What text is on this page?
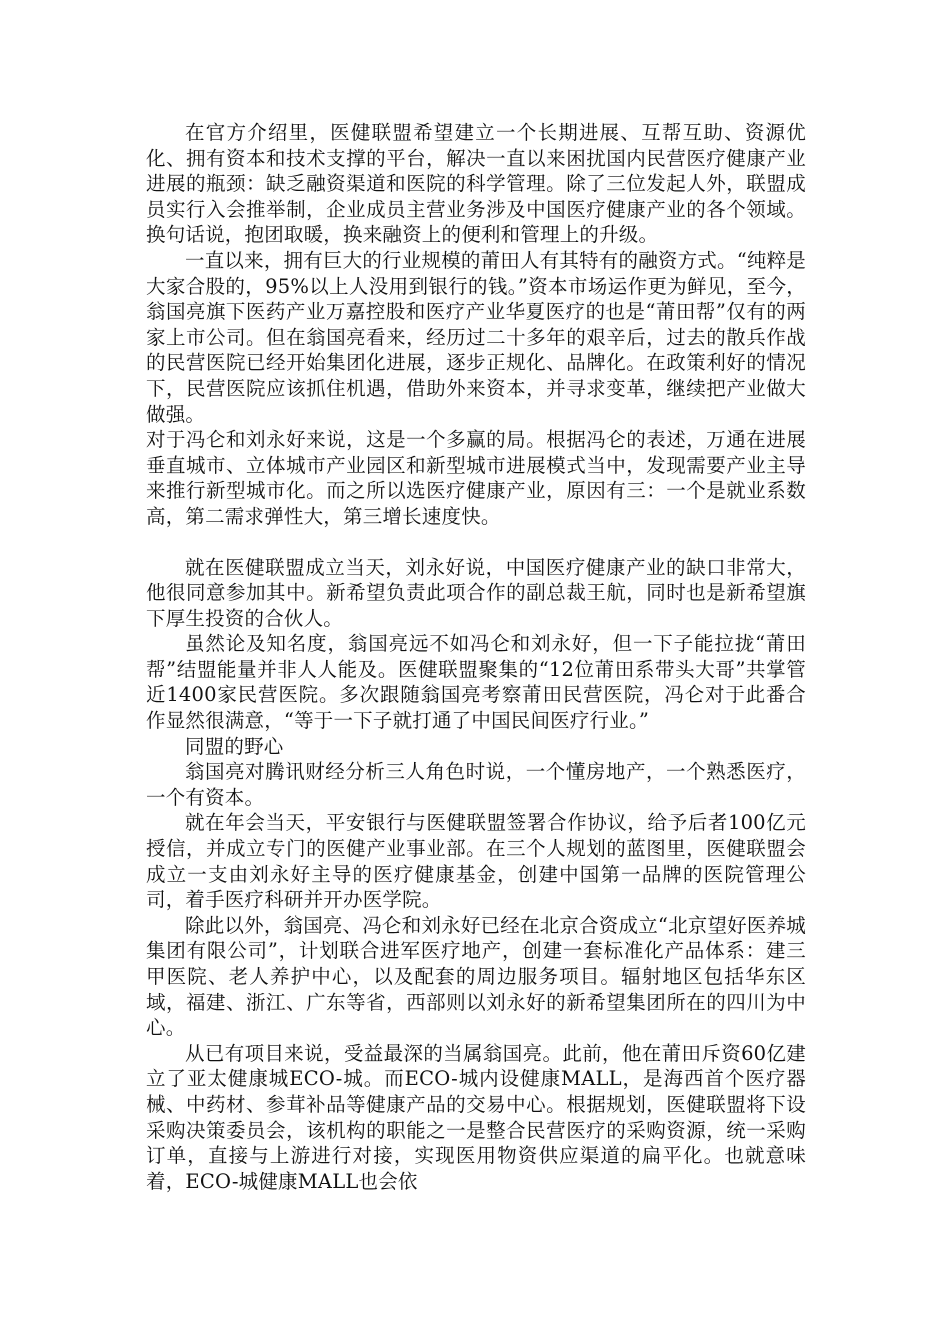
在官方介绍里，医健联盟希望建立一个长期进展、互帮互助、资源优化、拥有资本和技术支撑的平台，解决一直以来困扰国内民营医疗健康产业进展的瓶颈：缺乏融资渠道和医院的科学管理。除了三位发起人外，联盟成员实行入会推举制，企业成员主营业务涉及中国医疗健康产业的各个领域。换句话说，抱团取暖，换来融资上的便利和管理上的升级。

一直以来，拥有巨大的行业规模的莆田人有其特有的融资方式。“纯粹是大家合股的，95%以上人没用到银行的钱。”资本市场运作更为鲜见，至今，翁国亮旗下医药产业万嘉控股和医疗产业华夏医疗的也是“莆田帮”仅有的两家上市公司。但在翁国亮看来，经历过二十多年的艰辛后，过去的散兵作战的民营医院已经开始集团化进展，逐步正规化、品牌化。在政策利好的情况下，民营医院应该抓住机遇，借助外来资本，并寻求变革，继续把产业做大做强。

对于冯仑和刘永好来说，这是一个多赢的局。根据冯仑的表述，万通在进展垂直城市、立体城市产业园区和新型城市进展模式当中，发现需要产业主导来推行新型城市化。而之所以选医疗健康产业，原因有三：一个是就业系数高，第二需求弹性大，第三增长速度快。

就在医健联盟成立当天，刘永好说，中国医疗健康产业的缺口非常大，他很同意参加其中。新希望负责此项合作的副总裁王航，同时也是新希望旗下厚生投资的合伙人。

虽然论及知名度，翁国亮远不如冯仑和刘永好，但一下子能拉拢“莆田帮”结盟能量并非人人能及。医健联盟聚集的“12位莆田系带头大哥”共掌管近1400家民营医院。多次跟随翁国亮考察莆田民营医院，冯仑对于此番合作显然很满意，“等于一下子就打通了中国民间医疗行业。”

同盟的野心

翁国亮对腾讯财经分析三人角色时说，一个懂房地产，一个熟悉医疗，一个有资本。

就在年会当天，平安银行与医健联盟签署合作协议，给予后者100亿元授信，并成立专门的医健产业事业部。在三个人规划的蓝图里，医健联盟会成立一支由刘永好主导的医疗健康基金，创建中国第一品牌的医院管理公司，着手医疗科研并开办医学院。

除此以外，翁国亮、冯仑和刘永好已经在北京合资成立“北京望好医养城集团有限公司”，计划联合进军医疗地产，创建一套标准化产品体系：建三甲医院、老人养护中心，以及配套的周边服务项目。辐射地区包括华东区域，福建、浙江、广东等省，西部则以刘永好的新希望集团所在的四川为中心。

从已有项目来说，受益最深的当属翁国亮。此前，他在莆田斥资60亿建立了亚太健康城ECO-城。而ECO-城内设健康MALL，是海西首个医疗器械、中药材、参茸补品等健康产品的交易中心。根据规划，医健联盟将下设采购决策委员会，该机构的职能之一是整合民营医疗的采购资源，统一采购订单，直接与上游进行对接，实现医用物资供应渠道的扁平化。也就意味着，ECO-城健康MALL也会依
